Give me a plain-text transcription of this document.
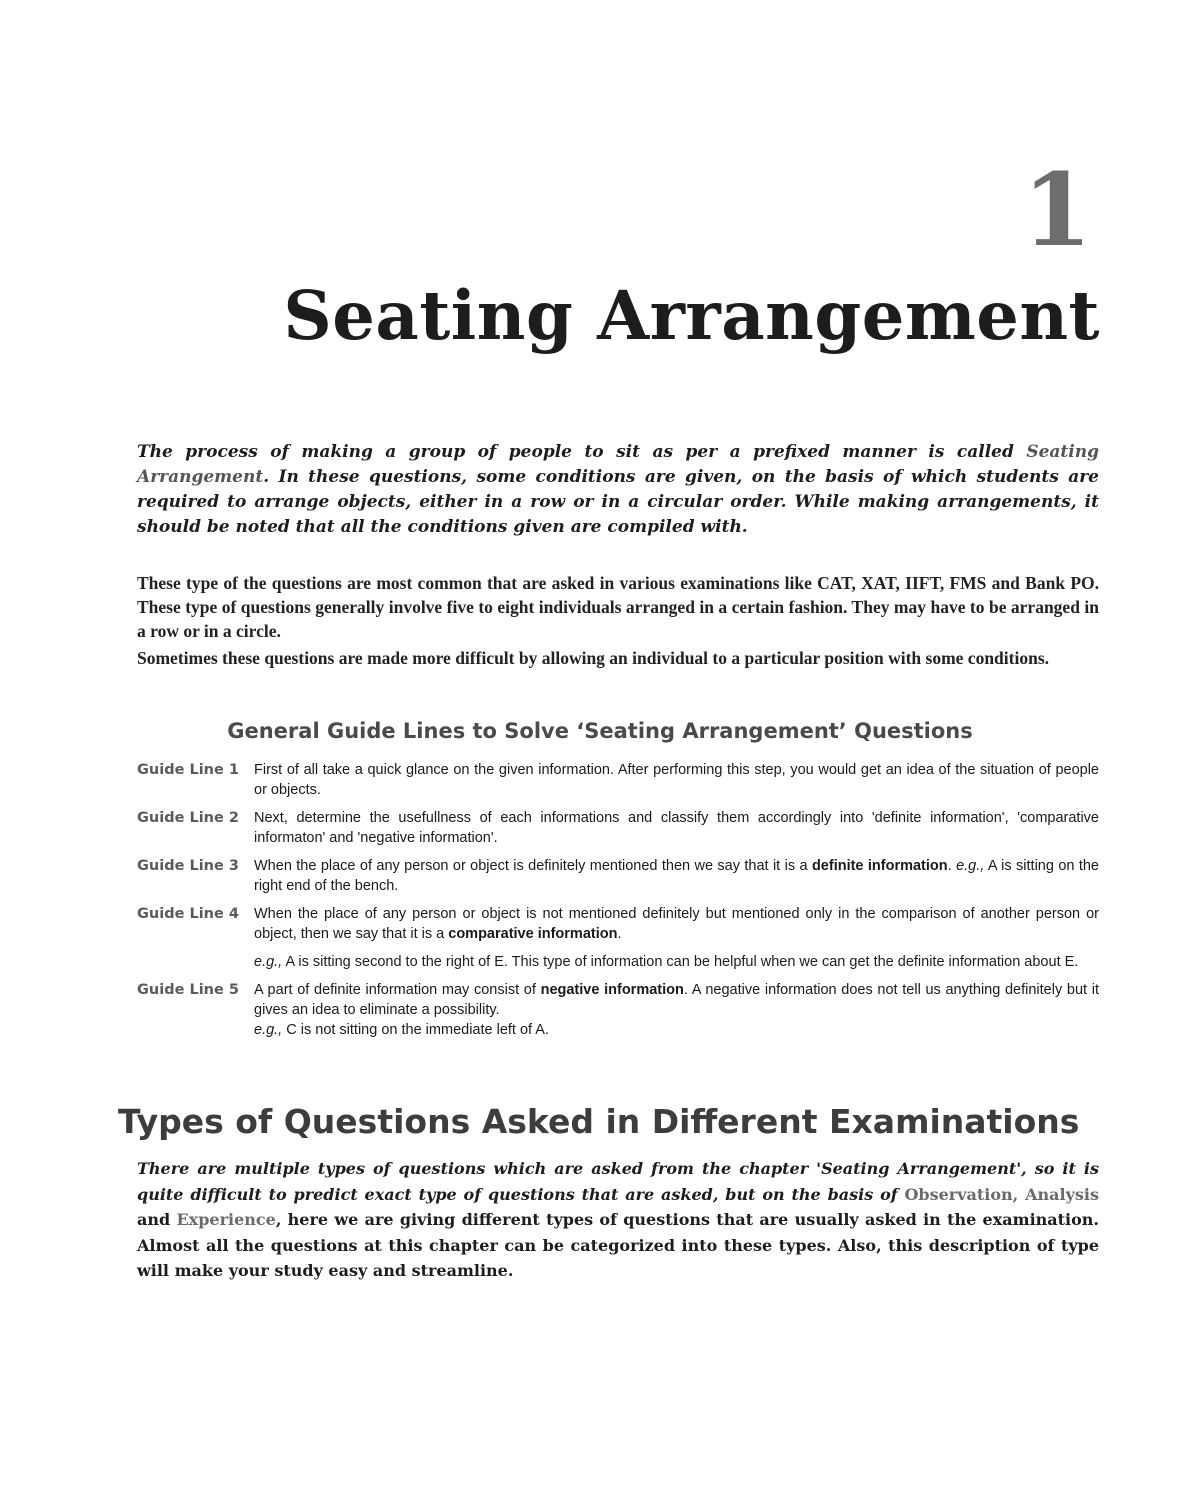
1
Seating Arrangement
The process of making a group of people to sit as per a prefixed manner is called Seating Arrangement. In these questions, some conditions are given, on the basis of which students are required to arrange objects, either in a row or in a circular order. While making arrangements, it should be noted that all the conditions given are compiled with.
These type of the questions are most common that are asked in various examinations like CAT, XAT, IIFT, FMS and Bank PO. These type of questions generally involve five to eight individuals arranged in a certain fashion. They may have to be arranged in a row or in a circle.
Sometimes these questions are made more difficult by allowing an individual to a particular position with some conditions.
General Guide Lines to Solve ‘Seating Arrangement’ Questions
Guide Line 1	First of all take a quick glance on the given information. After performing this step, you would get an idea of the situation of people or objects.
Guide Line 2	Next, determine the usefullness of each informations and classify them accordingly into 'definite information', 'comparative informaton' and 'negative information'.
Guide Line 3	When the place of any person or object is definitely mentioned then we say that it is a definite information. e.g., A is sitting on the right end of the bench.
Guide Line 4	When the place of any person or object is not mentioned definitely but mentioned only in the comparison of another person or object, then we say that it is a comparative information.
e.g., A is sitting second to the right of E. This type of information can be helpful when we can get the definite information about E.
Guide Line 5	A part of definite information may consist of negative information. A negative information does not tell us anything definitely but it gives an idea to eliminate a possibility.
e.g., C is not sitting on the immediate left of A.
Types of Questions Asked in Different Examinations
There are multiple types of questions which are asked from the chapter 'Seating Arrangement', so it is quite difficult to predict exact type of questions that are asked, but on the basis of Observation, Analysis and Experience, here we are giving different types of questions that are usually asked in the examination. Almost all the questions at this chapter can be categorized into these types. Also, this description of type will make your study easy and streamline.
